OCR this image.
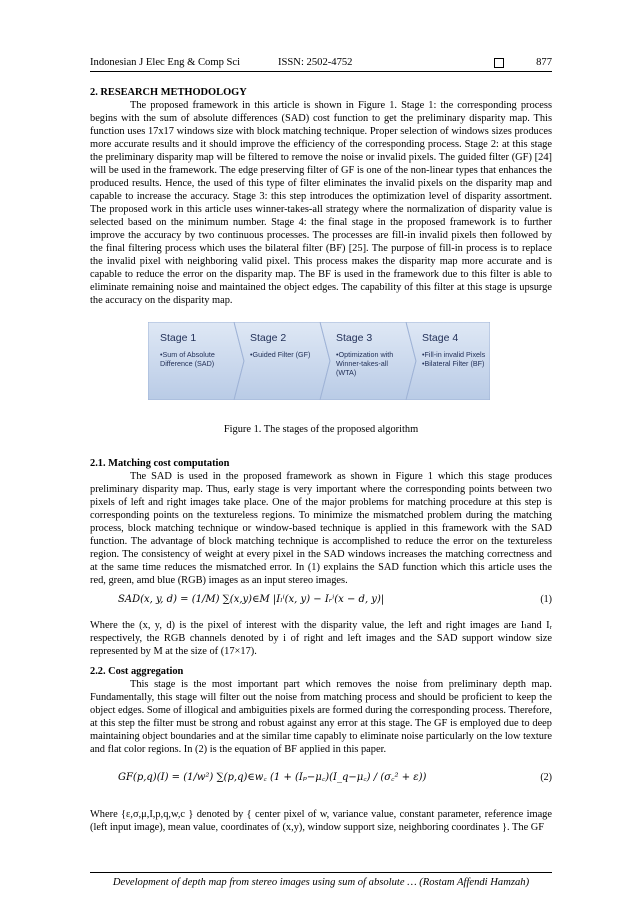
Indonesian J Elec Eng & Comp Sci	ISSN: 2502-4752	877
2. RESEARCH METHODOLOGY

The proposed framework in this article is shown in Figure 1. Stage 1: the corresponding process begins with the sum of absolute differences (SAD) cost function to get the preliminary disparity map. This function uses 17x17 windows size with block matching technique. Proper selection of windows sizes produces more accurate results and it should improve the efficiency of the corresponding process. Stage 2: at this stage the preliminary disparity map will be filtered to remove the noise or invalid pixels. The guided filter (GF) [24] will be used in the framework. The edge preserving filter of GF is one of the non-linear types that enhances the produced results. Hence, the used of this type of filter eliminates the invalid pixels on the disparity map and capable to increase the accuracy. Stage 3: this step introduces the optimization level of disparity assortment. The proposed work in this article uses winner-takes-all strategy where the normalization of disparity value is selected based on the minimum number. Stage 4: the final stage in the proposed framework is to further improve the accuracy by two continuous processes. The processes are fill-in invalid pixels then followed by the final filtering process which uses the bilateral filter (BF) [25]. The purpose of fill-in process is to replace the invalid pixel with neighboring valid pixel. This process makes the disparity map more accurate and is capable to reduce the error on the disparity map. The BF is used in the framework due to this filter is able to eliminate remaining noise and maintained the object edges. The capability of this filter at this stage is upsurge the accuracy on the disparity map.

Stage 1
•Sum of Absolute
Difference (SAD)
Stage 2
•Guided Filter (GF)
Stage 3
•Optimization with
Winner-takes-all
(WTA)
Stage 4
•Fill-in invalid Pixels
•Bilateral Filter (BF)
Figure 1. The stages of the proposed algorithm
2.1. Matching cost computation

The SAD is used in the proposed framework as shown in Figure 1 which this stage produces preliminary disparity map. Thus, early stage is very important where the corresponding points between two pixels of left and right images take place. One of the major problems for matching procedure at this step is corresponding points on the textureless regions. To minimize the mismatched problem during the matching process, block matching technique or window-based technique is applied in this framework with the SAD function. The advantage of block matching technique is accomplished to reduce the error on the textureless region. The consistency of weight at every pixel in the SAD windows increases the matching correctness and at the same time reduces the mismatched error. In (1) explains the SAD function which this article uses the red, green, amd blue (RGB) images as an input stereo images.

SAD(x, y, d) = (1/M) ∑(x,y)∈M |Iₗⁱ(x, y) − Iᵣⁱ(x − d, y)|	(1)

Where the (x, y, d) is the pixel of interest with the disparity value, the left and right images are Iₗand Iᵣ respectively, the RGB channels denoted by i of right and left images and the SAD support window size represented by M at the size of (17×17).

2.2. Cost aggregation

This stage is the most important part which removes the noise from preliminary depth map. Fundamentally, this stage will filter out the noise from matching process and should be proficient to keep the object edges. Some of illogical and ambiguities pixels are formed during the corresponding process. Therefore, at this step the filter must be strong and robust against any error at this stage. The GF is employed due to deep maintaining object boundaries and at the similar time capably to eliminate noise particularly on the low texture and flat color regions. In (2) is the equation of BF applied in this paper.

GF(p,q)(I) = (1/w²) ∑(p,q)∈w꜀ (1 + (Iₚ−μ꜀)(I_q−μ꜀) / (σ꜀² + ε))	(2)

Where {ε,σ,μ,I,p,q,w,c } denoted by { center pixel of w, variance value, constant parameter, reference image (left input image), mean value, coordinates of (x,y), window support size, neighboring coordinates }. The GF

Development of depth map from stereo images using sum of absolute … (Rostam Affendi Hamzah)
